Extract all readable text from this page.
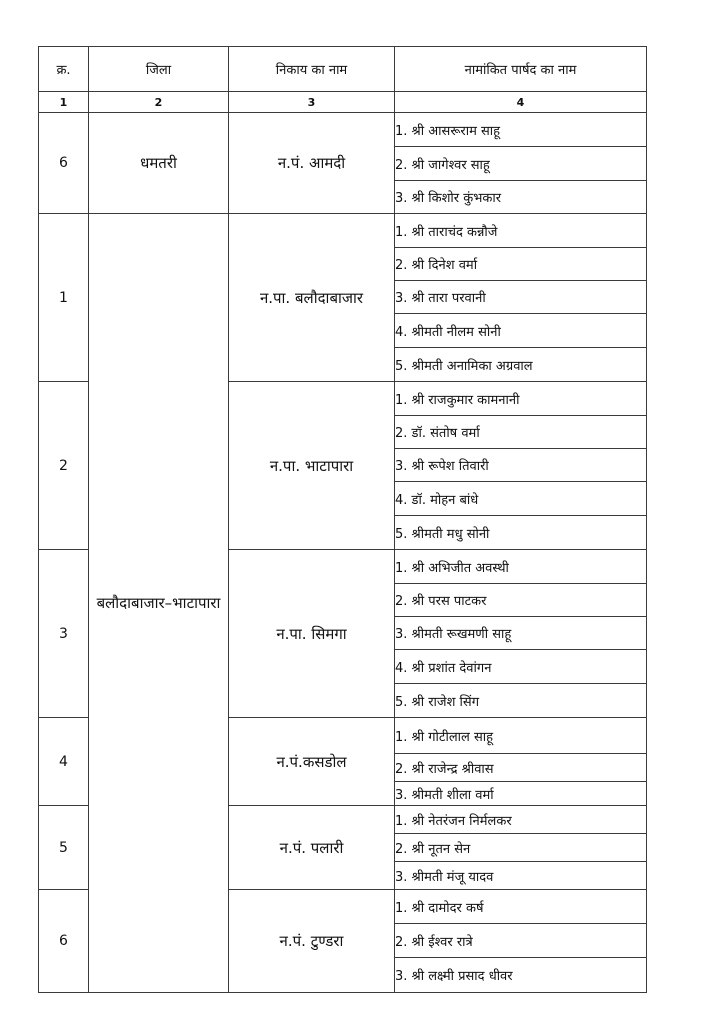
क्र.	जिला	निकाय का नाम	नामांकित पार्षद का नाम
1	2	3	4
6	धमतरी	न.पं. आमदी	1. श्री आसरूराम साहू
			2. श्री जागेश्वर साहू
			3. श्री किशोर कुंभकार
1	बलौदाबाजार–भाटापारा	न.पा. बलौदाबाजार	1. श्री ताराचंद कन्नौजे
			2. श्री दिनेश वर्मा
			3. श्री तारा परवानी
			4. श्रीमती नीलम सोनी
			5. श्रीमती अनामिका अग्रवाल
2		न.पा. भाटापारा	1. श्री राजकुमार कामनानी
			2. डॉ. संतोष वर्मा
			3. श्री रूपेश तिवारी
			4. डॉ. मोहन बांधे
			5. श्रीमती मधु सोनी
3		न.पा. सिमगा	1. श्री अभिजीत अवस्थी
			2. श्री परस पाटकर
			3. श्रीमती रूखमणी साहू
			4. श्री प्रशांत देवांगन
			5. श्री राजेश सिंग
4		न.पं.कसडोल	1. श्री गोटीलाल साहू
			2. श्री राजेन्द्र श्रीवास
			3. श्रीमती शीला वर्मा
5		न.पं. पलारी	1. श्री नेतरंजन निर्मलकर
			2. श्री नूतन सेन
			3. श्रीमती मंजू यादव
6		न.पं. टुण्डरा	1. श्री दामोदर कर्ष
			2. श्री ईश्वर रात्रे
			3. श्री लक्ष्मी प्रसाद धीवर
